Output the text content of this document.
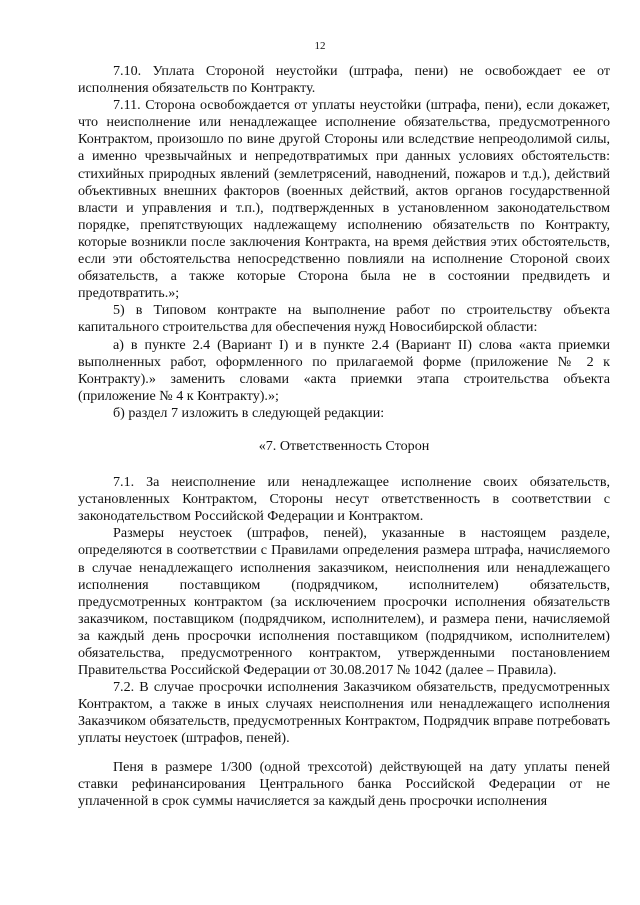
12

7.10. Уплата Стороной неустойки (штрафа, пени) не освобождает ее от исполнения обязательств по Контракту.

7.11. Сторона освобождается от уплаты неустойки (штрафа, пени), если докажет, что неисполнение или ненадлежащее исполнение обязательства, предусмотренного Контрактом, произошло по вине другой Стороны или вследствие непреодолимой силы, а именно чрезвычайных и непредотвратимых при данных условиях обстоятельств: стихийных природных явлений (землетрясений, наводнений, пожаров и т.д.), действий объективных внешних факторов (военных действий, актов органов государственной власти и управления и т.п.), подтвержденных в установленном законодательством порядке, препятствующих надлежащему исполнению обязательств по Контракту, которые возникли после заключения Контракта, на время действия этих обстоятельств, если эти обстоятельства непосредственно повлияли на исполнение Стороной своих обязательств, а также которые Сторона была не в состоянии предвидеть и предотвратить.»;

5) в Типовом контракте на выполнение работ по строительству объекта капитального строительства для обеспечения нужд Новосибирской области:

а) в пункте 2.4 (Вариант I) и в пункте 2.4 (Вариант II) слова «акта приемки выполненных работ, оформленного по прилагаемой форме (приложение № 2 к Контракту).» заменить словами «акта приемки этапа строительства объекта (приложение № 4 к Контракту).»;

б) раздел 7 изложить в следующей редакции:

«7. Ответственность Сторон

7.1. За неисполнение или ненадлежащее исполнение своих обязательств, установленных Контрактом, Стороны несут ответственность в соответствии с законодательством Российской Федерации и Контрактом.

Размеры неустоек (штрафов, пеней), указанные в настоящем разделе, определяются в соответствии с Правилами определения размера штрафа, начисляемого в случае ненадлежащего исполнения заказчиком, неисполнения или ненадлежащего исполнения поставщиком (подрядчиком, исполнителем) обязательств, предусмотренных контрактом (за исключением просрочки исполнения обязательств заказчиком, поставщиком (подрядчиком, исполнителем), и размера пени, начисляемой за каждый день просрочки исполнения поставщиком (подрядчиком, исполнителем) обязательства, предусмотренного контрактом, утвержденными постановлением Правительства Российской Федерации от 30.08.2017 № 1042 (далее – Правила).

7.2. В случае просрочки исполнения Заказчиком обязательств, предусмотренных Контрактом, а также в иных случаях неисполнения или ненадлежащего исполнения Заказчиком обязательств, предусмотренных Контрактом, Подрядчик вправе потребовать уплаты неустоек (штрафов, пеней).

Пеня в размере 1/300 (одной трехсотой) действующей на дату уплаты пеней ставки рефинансирования Центрального банка Российской Федерации от не уплаченной в срок суммы начисляется за каждый день просрочки исполнения
